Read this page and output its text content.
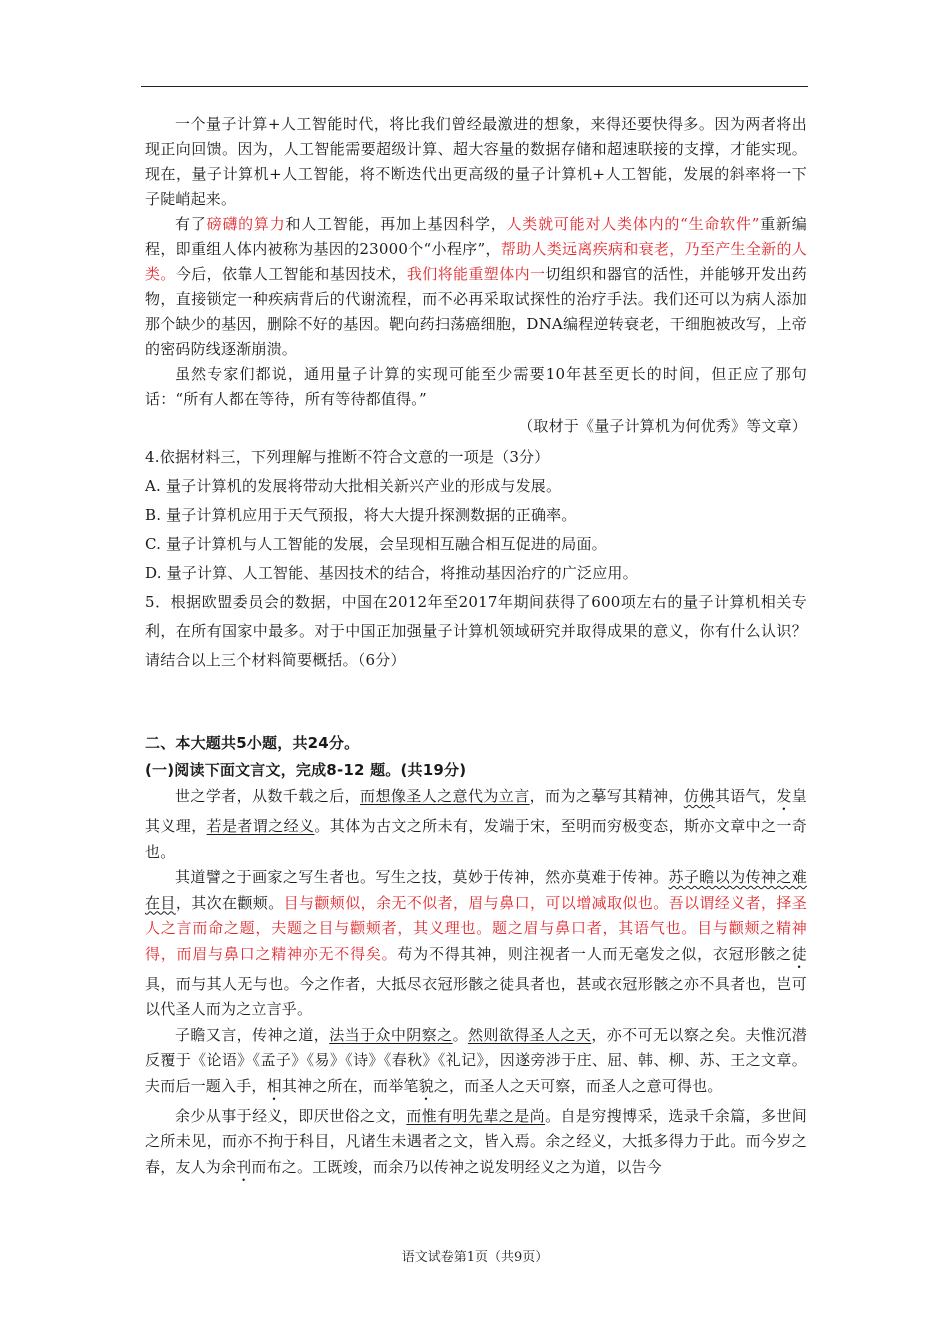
一个量子计算+人工智能时代，将比我们曾经最激进的想象，来得还要快得多。因为两者将出现正向回馈。因为，人工智能需要超级计算、超大容量的数据存储和超速联接的支撑，才能实现。现在，量子计算机+人工智能，将不断迭代出更高级的量子计算机+人工智能，发展的斜率将一下子陡峭起来。

有了磅礴的算力和人工智能，再加上基因科学，人类就可能对人类体内的“生命软件”重新编程，即重组人体内被称为基因的23000个“小程序”，帮助人类远离疾病和衰老，乃至产生全新的人类。今后，依靠人工智能和基因技术，我们将能重塑体内一切组织和器官的活性，并能够开发出药物，直接锁定一种疾病背后的代谢流程，而不必再采取试探性的治疗手法。我们还可以为病人添加那个缺少的基因，删除不好的基因。靶向药扫荡癌细胞，DNA编程逆转衰老，干细胞被改写，上帝的密码防线逐渐崩溃。

虽然专家们都说，通用量子计算的实现可能至少需要10年甚至更长的时间，但正应了那句话：“所有人都在等待，所有等待都值得。”

（取材于《量子计算机为何优秀》等文章）

4.依据材料三，下列理解与推断不符合文意的一项是（3分）

A. 量子计算机的发展将带动大批相关新兴产业的形成与发展。

B. 量子计算机应用于天气预报，将大大提升探测数据的正确率。

C. 量子计算机与人工智能的发展，会呈现相互融合相互促进的局面。

D. 量子计算、人工智能、基因技术的结合，将推动基因治疗的广泛应用。

5．根据欧盟委员会的数据，中国在2012年至2017年期间获得了600项左右的量子计算机相关专利，在所有国家中最多。对于中国正加强量子计算机领域研究并取得成果的意义，你有什么认识？请结合以上三个材料简要概括。（6分）

二、本大题共5小题，共24分。

(一)阅读下面文言文，完成8-12 题。(共19分)

世之学者，从数千载之后，而想像圣人之意代为立言，而为之摹写其精神，仿佛其语气，发皇其义理，若是者谓之经义。其体为古文之所未有，发端于宋，至明而穷极变态，斯亦文章中之一奇也。

其道譬之于画家之写生者也。写生之技，莫妙于传神，然亦莫难于传神。苏子瞻以为传神之难在目，其次在颧颊。目与颧颊似，余无不似者，眉与鼻口，可以增减取似也。吾以谓经义者，择圣人之言而命之题，夫题之目与颧颊者，其义理也。题之眉与鼻口者，其语气也。目与颧颊之精神得，而眉与鼻口之精神亦无不得矣。苟为不得其神，则注视者一人而无毫发之似，衣冠形骸之徒具，而与其人无与也。今之作者，大抵尽衣冠形骸之徒具者也，甚或衣冠形骸之亦不具者也，岂可以代圣人而为之立言乎。

子瞻又言，传神之道，法当于众中阴察之。然则欲得圣人之天，亦不可无以察之矣。夫惟沉潜反覆于《论语》《孟子》《易》《诗》《春秋》《礼记》，因遂旁涉于庄、屈、韩、柳、苏、王之文章。夫而后一题入手，相其神之所在，而举笔貌之，而圣人之天可察，而圣人之意可得也。

余少从事于经义，即厌世俗之文，而惟有明先辈之是尚。自是穷搜博采，选录千余篇，多世间之所未见，而亦不拘于科目，凡诸生未遇者之文，皆入焉。余之经义，大抵多得力于此。而今岁之春，友人为余刊而布之。工既竣，而余乃以传神之说发明经义之为道，以告今

语文试卷第1页（共9页）
